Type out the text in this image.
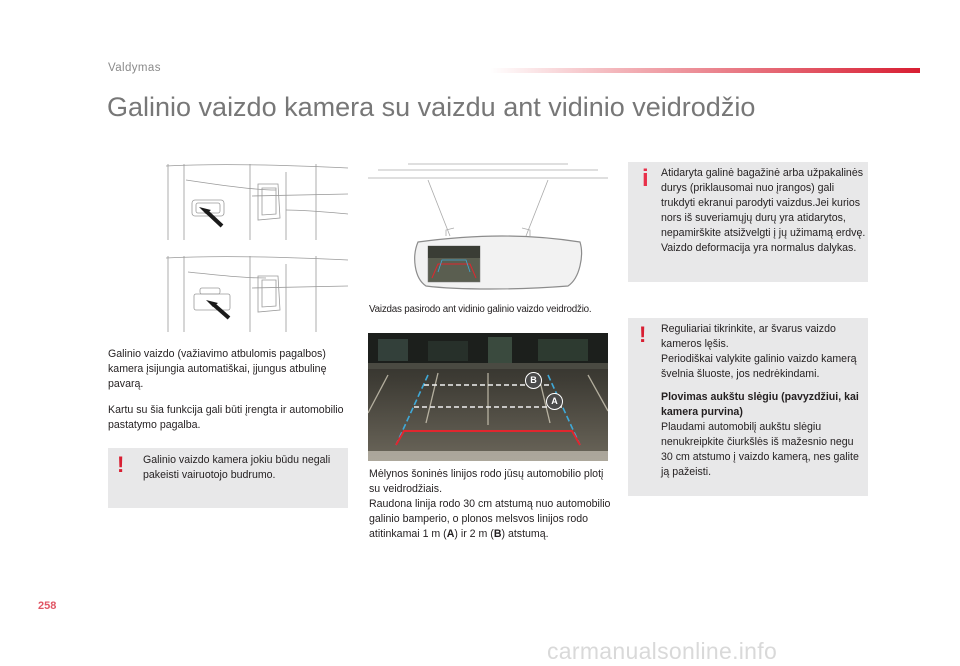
Valdymas
Galinio vaizdo kamera su vaizdu ant vidinio veidrodžio
Galinio vaizdo (važiavimo atbulomis pagalbos) kamera įsijungia automatiškai, įjungus atbulinę pavarą.
Kartu su šia funkcija gali būti įrengta ir automobilio pastatymo pagalba.
! Galinio vaizdo kamera jokiu būdu negali pakeisti vairuotojo budrumo.
Vaizdas pasirodo ant vidinio galinio vaizdo veidrodžio.
B
A
Mėlynos šoninės linijos rodo jūsų automobilio plotį su veidrodžiais.
Raudona linija rodo 30 cm atstumą nuo automobilio galinio bamperio, o plonos melsvos linijos rodo atitinkamai 1 m (A) ir 2 m (B) atstumą.
i Atidaryta galinė bagažinė arba užpakalinės durys (priklausomai nuo įrangos) gali trukdyti ekranui parodyti vaizdus.Jei kurios nors iš suveriamųjų durų yra atidarytos, nepamirškite atsižvelgti į jų užimamą erdvę.
Vaizdo deformacija yra normalus dalykas.
! Reguliariai tikrinkite, ar švarus vaizdo kameros lęšis.
Periodiškai valykite galinio vaizdo kamerą švelnia šluoste, jos nedrėkindami.

Plovimas aukštu slėgiu (pavyzdžiui, kai kamera purvina)
Plaudami automobilį aukštu slėgiu nenukreipkite čiurkšlės iš mažesnio negu 30 cm atstumo į vaizdo kamerą, nes galite ją pažeisti.
258
carmanualsonline.info
